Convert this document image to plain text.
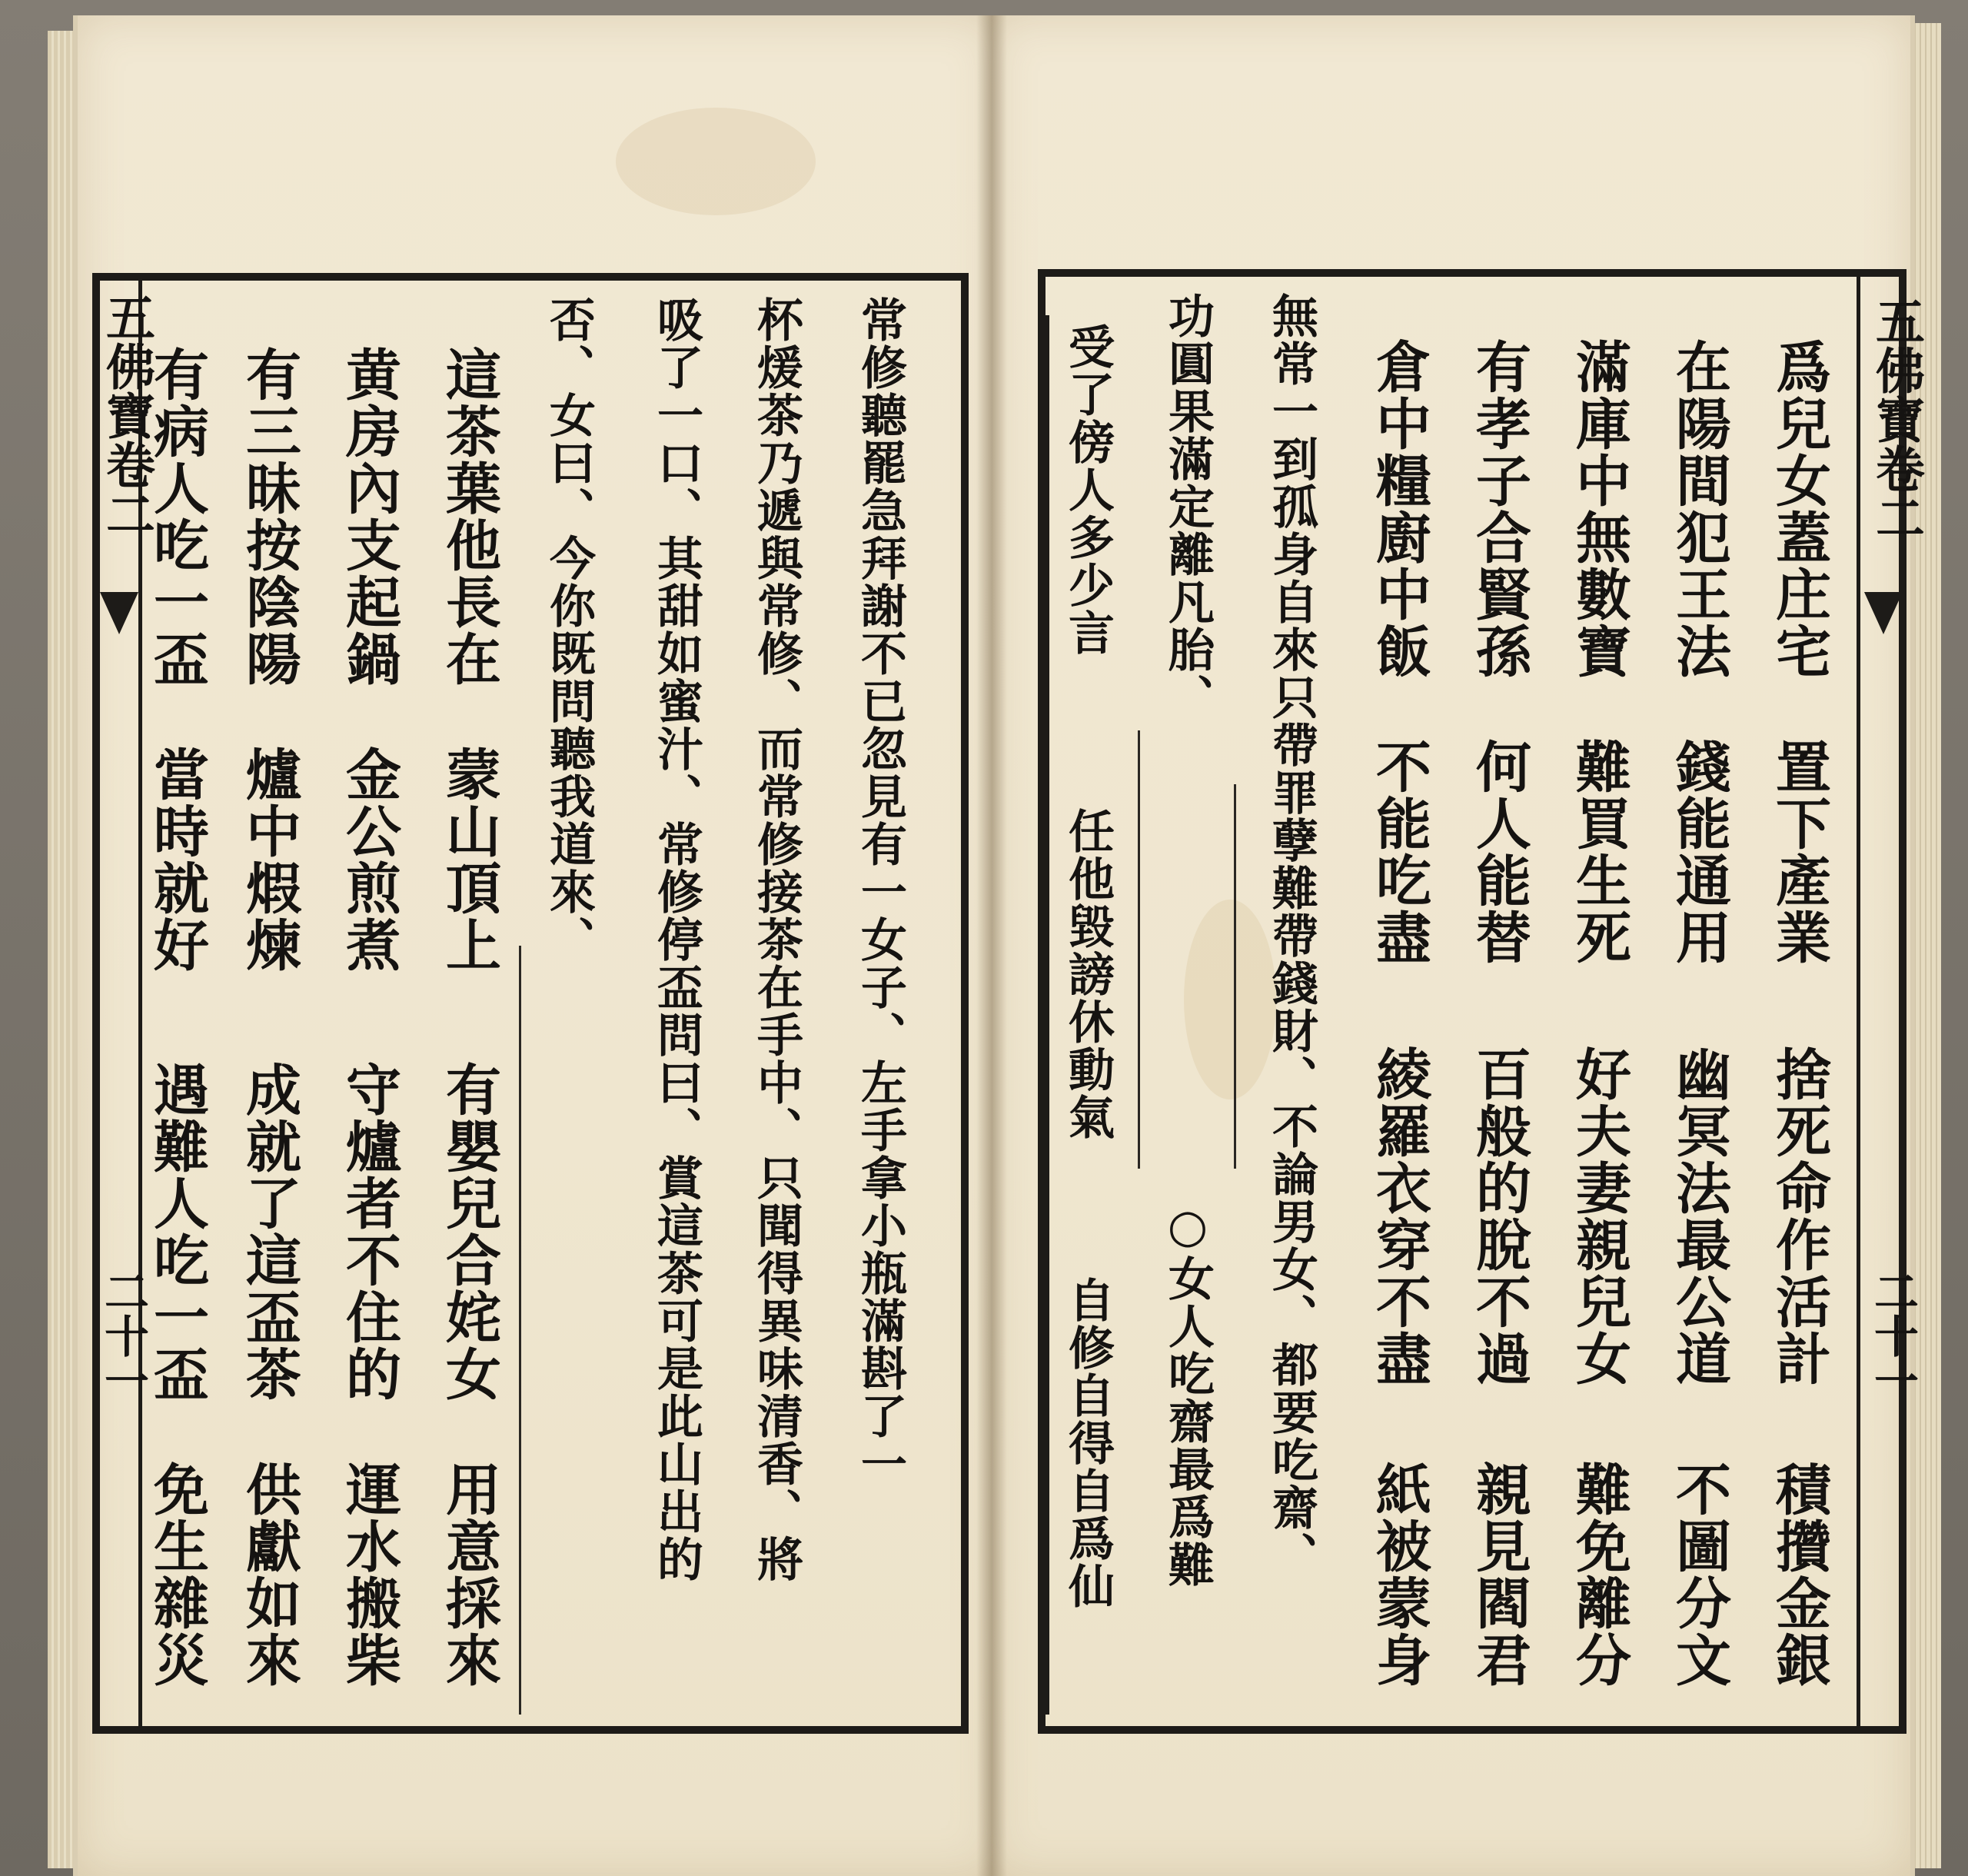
五佛寶卷二
二十一
有病人吃一盃
當時就好
遇難人吃一盃
免生雜災
有三昧按陰陽
爐中煆煉
成就了這盃茶
供獻如來
黄房內支起鍋
金公煎煮
守爐者不住的
運水搬柴
這茶葉他長在
蒙山頂上
有嬰兒合姹女
用意採來
否、女曰、今你既問聽我道來、 吸了一口、其甜如蜜汁、常修停盃問曰、賞這茶可是此山出的 杯煖茶乃遞與常修、而常修接茶在手中、只聞得異味清香、將 常修聽罷急拜謝不已忽見有一女子、左手拿小瓶滿斟了一	五佛寶卷二
二十一
爲兒女蓋庄宅
置下產業
捨死命作活計
積攢金銀
在陽間犯王法
錢能通用
幽冥法最公道
不圖分文
滿庫中無數寶
難買生死
好夫妻親兒女
難免離分
有孝子合賢孫
何人能替
百般的脫不過
親見閻君
倉中糧廚中飯
不能吃盡
綾羅衣穿不盡
紙被蒙身
無常一到孤身自來只帶罪孽難帶錢財、不論男女、都要吃齋、
功圓果滿定離凡胎、
○女人吃齋最爲難
受了傍人多少言
任他毀謗休動氣
自修自得自爲仙
